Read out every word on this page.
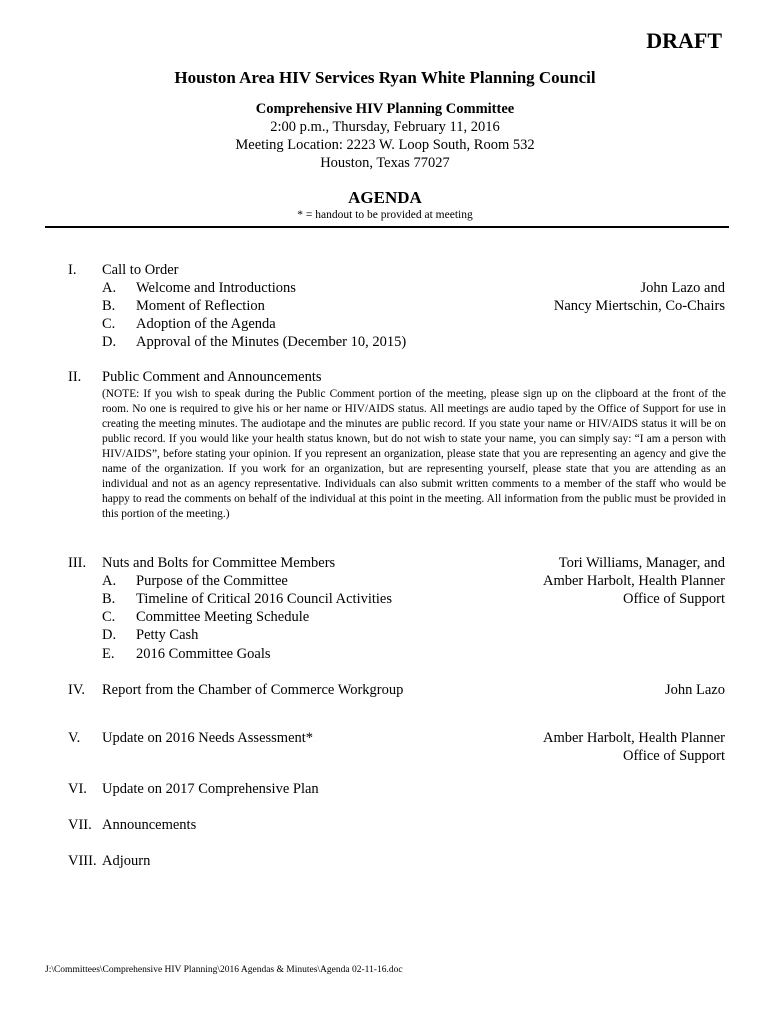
DRAFT
Houston Area HIV Services Ryan White Planning Council
Comprehensive HIV Planning Committee
2:00 p.m., Thursday, February 11, 2016
Meeting Location: 2223 W. Loop South, Room 532
Houston, Texas 77027
AGENDA
* = handout to be provided at meeting
I. Call to Order
A. Welcome and Introductions
B. Moment of Reflection
C. Adoption of the Agenda
D. Approval of the Minutes (December 10, 2015)
John Lazo and
Nancy Miertschin, Co-Chairs
II. Public Comment and Announcements
(NOTE: If you wish to speak during the Public Comment portion of the meeting, please sign up on the clipboard at the front of the room. No one is required to give his or her name or HIV/AIDS status. All meetings are audio taped by the Office of Support for use in creating the meeting minutes. The audiotape and the minutes are public record. If you state your name or HIV/AIDS status it will be on public record. If you would like your health status known, but do not wish to state your name, you can simply say: “I am a person with HIV/AIDS”, before stating your opinion. If you represent an organization, please state that you are representing an agency and give the name of the organization. If you work for an organization, but are representing yourself, please state that you are attending as an individual and not as an agency representative. Individuals can also submit written comments to a member of the staff who would be happy to read the comments on behalf of the individual at this point in the meeting. All information from the public must be provided in this portion of the meeting.)
III. Nuts and Bolts for Committee Members
A. Purpose of the Committee
B. Timeline of Critical 2016 Council Activities
C. Committee Meeting Schedule
D. Petty Cash
E. 2016 Committee Goals
Tori Williams, Manager, and
Amber Harbolt, Health Planner
Office of Support
IV. Report from the Chamber of Commerce Workgroup	John Lazo
V. Update on 2016 Needs Assessment*	Amber Harbolt, Health Planner
Office of Support
VI. Update on 2017 Comprehensive Plan
VII. Announcements
VIII. Adjourn
J:\Committees\Comprehensive HIV Planning\2016 Agendas & Minutes\Agenda 02-11-16.doc
